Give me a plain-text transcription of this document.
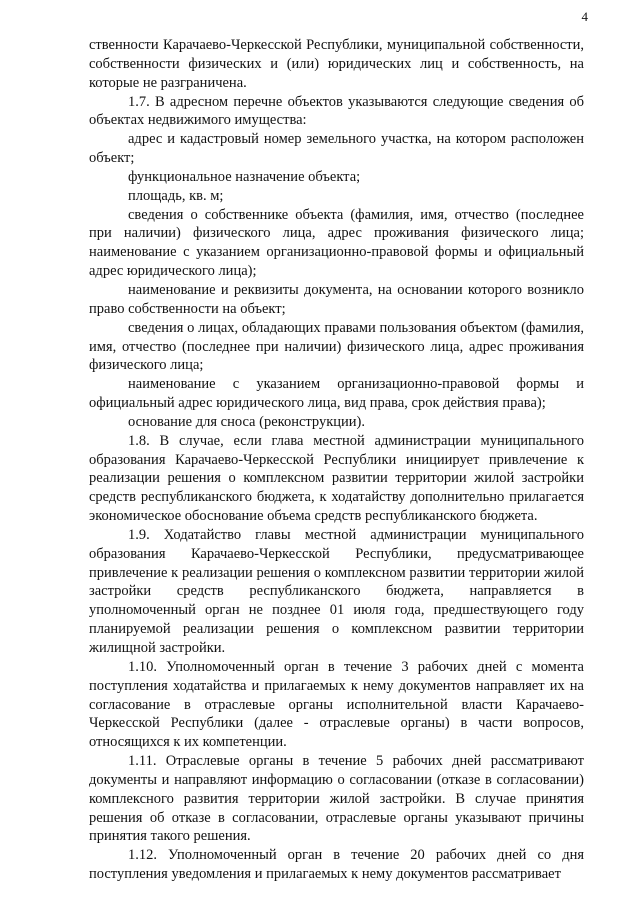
4

ственности Карачаево-Черкесской Республики, муниципальной собственности, собственности физических и (или) юридических лиц и собственность, на которые не разграничена.

1.7. В адресном перечне объектов указываются следующие сведения об объектах недвижимого имущества:

адрес и кадастровый номер земельного участка, на котором расположен объект;

функциональное назначение объекта;

площадь, кв. м;

сведения о собственнике объекта (фамилия, имя, отчество (последнее при наличии) физического лица, адрес проживания физического лица; наименование с указанием организационно-правовой формы и официальный адрес юридического лица);

наименование и реквизиты документа, на основании которого возникло право собственности на объект;

сведения о лицах, обладающих правами пользования объектом (фамилия, имя, отчество (последнее при наличии) физического лица, адрес проживания физического лица;

наименование с указанием организационно-правовой формы и официальный адрес юридического лица, вид права, срок действия права);

основание для сноса (реконструкции).

1.8. В случае, если глава местной администрации муниципального образования Карачаево-Черкесской Республики инициирует привлечение к реализации решения о комплексном развитии территории жилой застройки средств республиканского бюджета, к ходатайству дополнительно прилагается экономическое обоснование объема средств республиканского бюджета.

1.9. Ходатайство главы местной администрации муниципального образования Карачаево-Черкесской Республики, предусматривающее привлечение к реализации решения о комплексном развитии территории жилой застройки средств республиканского бюджета, направляется в уполномоченный орган не позднее 01 июля года, предшествующего году планируемой реализации решения о комплексном развитии территории жилищной застройки.

1.10. Уполномоченный орган в течение 3 рабочих дней с момента поступления ходатайства и прилагаемых к нему документов направляет их на согласование в отраслевые органы исполнительной власти Карачаево-Черкесской Республики (далее - отраслевые органы) в части вопросов, относящихся к их компетенции.

1.11. Отраслевые органы в течение 5 рабочих дней рассматривают документы и направляют информацию о согласовании (отказе в согласовании) комплексного развития территории жилой застройки. В случае принятия решения об отказе в согласовании, отраслевые органы указывают причины принятия такого решения.

1.12. Уполномоченный орган в течение 20 рабочих дней со дня поступления уведомления и прилагаемых к нему документов рассматривает
